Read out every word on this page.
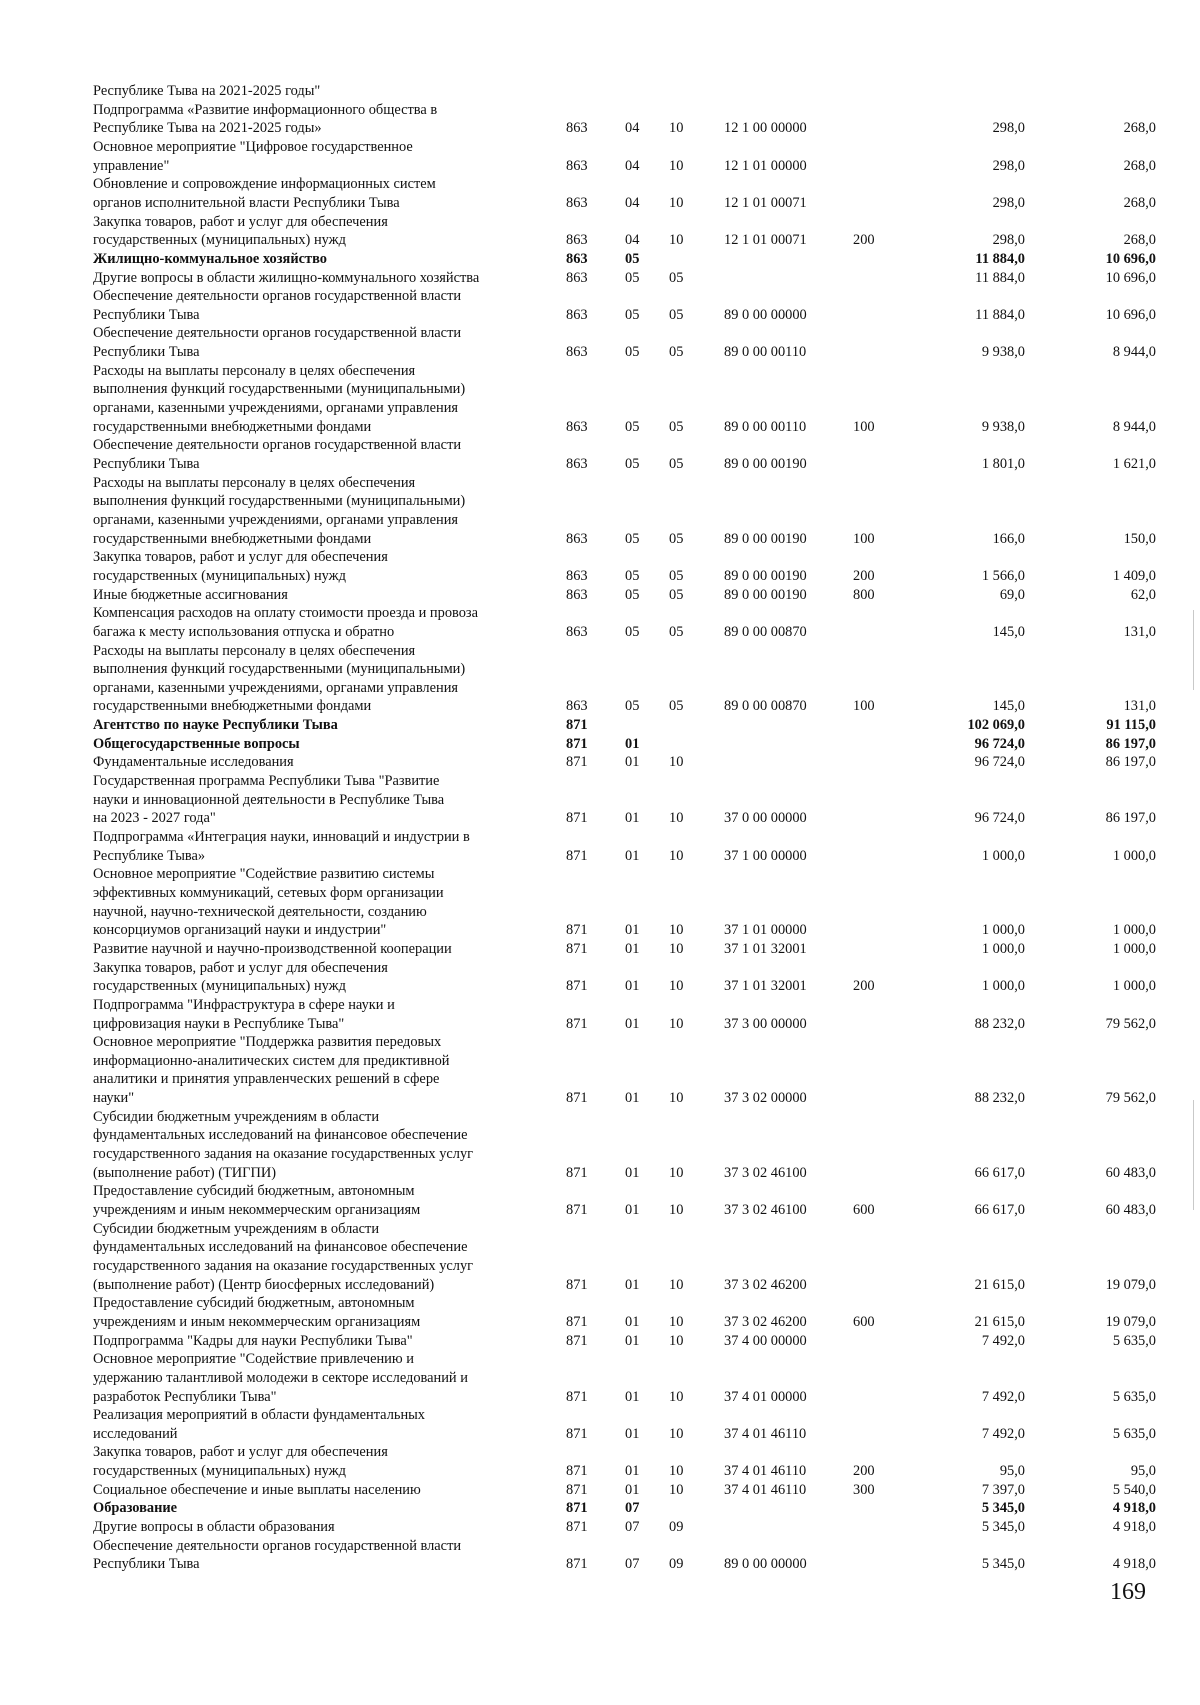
Республике Тыва на 2021-2025 годы"
Подпрограмма «Развитие информационного общества в
Республике Тыва на 2021-2025 годы»	863	04 10	12 1 00 00000	298,0	268,0
Основное мероприятие "Цифровое государственное
управление"	863	04 10	12 1 01 00000	298,0	268,0
Обновление и сопровождение информационных систем
органов исполнительной власти Республики Тыва	863	04 10	12 1 01 00071	298,0	268,0
Закупка товаров, работ и услуг для обеспечения
государственных (муниципальных) нужд	863	04 10	12 1 01 00071	200	298,0	268,0
Жилищно-коммунальное хозяйство	863	05	11 884,0	10 696,0
Другие вопросы в области жилищно-коммунального хозяйства	863	05 05	11 884,0	10 696,0
Обеспечение деятельности органов государственной власти
Республики Тыва	863	05 05	89 0 00 00000	11 884,0	10 696,0
Обеспечение деятельности органов государственной власти
Республики Тыва	863	05 05	89 0 00 00110	9 938,0	8 944,0
Расходы на выплаты персоналу в целях обеспечения
выполнения функций государственными (муниципальными)
органами, казенными учреждениями, органами управления
государственными внебюджетными фондами	863	05 05	89 0 00 00110	100	9 938,0	8 944,0
Обеспечение деятельности органов государственной власти
Республики Тыва	863	05 05	89 0 00 00190	1 801,0	1 621,0
Расходы на выплаты персоналу в целях обеспечения
выполнения функций государственными (муниципальными)
органами, казенными учреждениями, органами управления
государственными внебюджетными фондами	863	05 05	89 0 00 00190	100	166,0	150,0
Закупка товаров, работ и услуг для обеспечения
государственных (муниципальных) нужд	863	05 05	89 0 00 00190	200	1 566,0	1 409,0
Иные бюджетные ассигнования	863	05 05	89 0 00 00190	800	69,0	62,0
Компенсация расходов на оплату стоимости проезда и провоза
багажа к месту использования отпуска и обратно	863	05 05	89 0 00 00870	145,0	131,0
Расходы на выплаты персоналу в целях обеспечения
выполнения функций государственными (муниципальными)
органами, казенными учреждениями, органами управления
государственными внебюджетными фондами	863	05 05	89 0 00 00870	100	145,0	131,0
Агентство по науке Республики Тыва	871	102 069,0	91 115,0
Общегосударственные вопросы	871	01	96 724,0	86 197,0
Фундаментальные исследования	871	01 10	96 724,0	86 197,0
Государственная программа Республики Тыва "Развитие
науки и инновационной деятельности в Республике Тыва
на 2023 - 2027 года"	871	01 10	37 0 00 00000	96 724,0	86 197,0
Подпрограмма «Интеграция науки, инноваций и индустрии в
Республике Тыва»	871	01 10	37 1 00 00000	1 000,0	1 000,0
Основное мероприятие "Содействие развитию системы
эффективных коммуникаций, сетевых форм организации
научной, научно-технической деятельности, созданию
консорциумов организаций науки и индустрии"	871	01 10	37 1 01 00000	1 000,0	1 000,0
Развитие научной и научно-производственной кооперации	871	01 10	37 1 01 32001	1 000,0	1 000,0
Закупка товаров, работ и услуг для обеспечения
государственных (муниципальных) нужд	871	01 10	37 1 01 32001	200	1 000,0	1 000,0
Подпрограмма "Инфраструктура в сфере науки и
цифровизация науки в Республике Тыва"	871	01 10	37 3 00 00000	88 232,0	79 562,0
Основное мероприятие "Поддержка развития передовых
информационно-аналитических систем для предиктивной
аналитики и принятия управленческих решений в сфере
науки"	871	01 10	37 3 02 00000	88 232,0	79 562,0
Субсидии бюджетным учреждениям в области
фундаментальных исследований на финансовое обеспечение
государственного задания на оказание государственных услуг
(выполнение работ) (ТИГПИ)	871	01 10	37 3 02 46100	66 617,0	60 483,0
Предоставление субсидий бюджетным, автономным
учреждениям и иным некоммерческим организациям	871	01 10	37 3 02 46100	600	66 617,0	60 483,0
Субсидии бюджетным учреждениям в области
фундаментальных исследований на финансовое обеспечение
государственного задания на оказание государственных услуг
(выполнение работ) (Центр биосферных исследований)	871	01 10	37 3 02 46200	21 615,0	19 079,0
Предоставление субсидий бюджетным, автономным
учреждениям и иным некоммерческим организациям	871	01 10	37 3 02 46200	600	21 615,0	19 079,0
Подпрограмма "Кадры для науки Республики Тыва"	871	01 10	37 4 00 00000	7 492,0	5 635,0
Основное мероприятие "Содействие привлечению и
удержанию талантливой молодежи в секторе исследований и
разработок Республики Тыва"	871	01 10	37 4 01 00000	7 492,0	5 635,0
Реализация мероприятий в области фундаментальных
исследований	871	01 10	37 4 01 46110	7 492,0	5 635,0
Закупка товаров, работ и услуг для обеспечения
государственных (муниципальных) нужд	871	01 10	37 4 01 46110	200	95,0	95,0
Социальное обеспечение и иные выплаты населению	871	01 10	37 4 01 46110	300	7 397,0	5 540,0
Образование	871	07	5 345,0	4 918,0
Другие вопросы в области образования	871	07 09	5 345,0	4 918,0
Обеспечение деятельности органов государственной власти
Республики Тыва	871	07 09	89 0 00 00000	5 345,0	4 918,0
169
